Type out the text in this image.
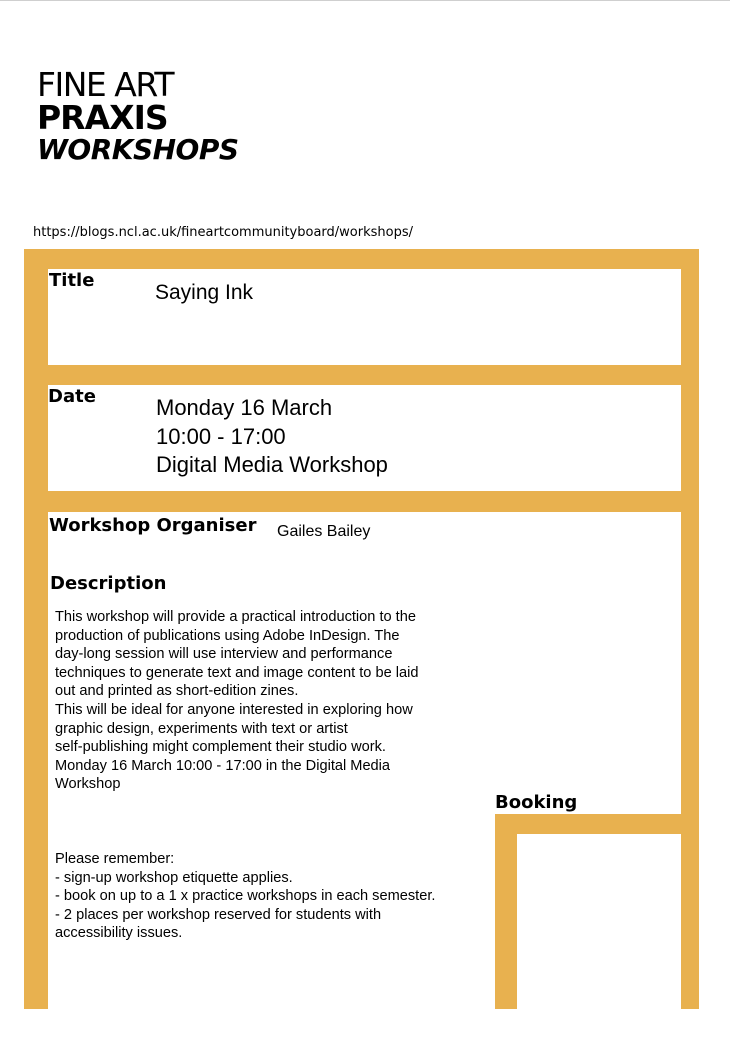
FINE ART
PRAXIS
WORKSHOPS
https://blogs.ncl.ac.uk/fineartcommunityboard/workshops/
Title
Saying Ink
Date	Monday 16 March
10:00 - 17:00
Digital Media Workshop
Workshop Organiser Gailes Bailey
Description
This workshop will provide a practical introduction to the
production of publications using Adobe InDesign. The
day-long session will use interview and performance
techniques to generate text and image content to be laid
out and printed as short-edition zines.
This will be ideal for anyone interested in exploring how
graphic design, experiments with text or artist
self-publishing might complement their studio work.
Monday 16 March 10:00 - 17:00 in the Digital Media
Workshop
Booking
Please remember:
- sign-up workshop etiquette applies.
- book on up to a 1 x practice workshops in each semester.
- 2 places per workshop reserved for students with
accessibility issues.
